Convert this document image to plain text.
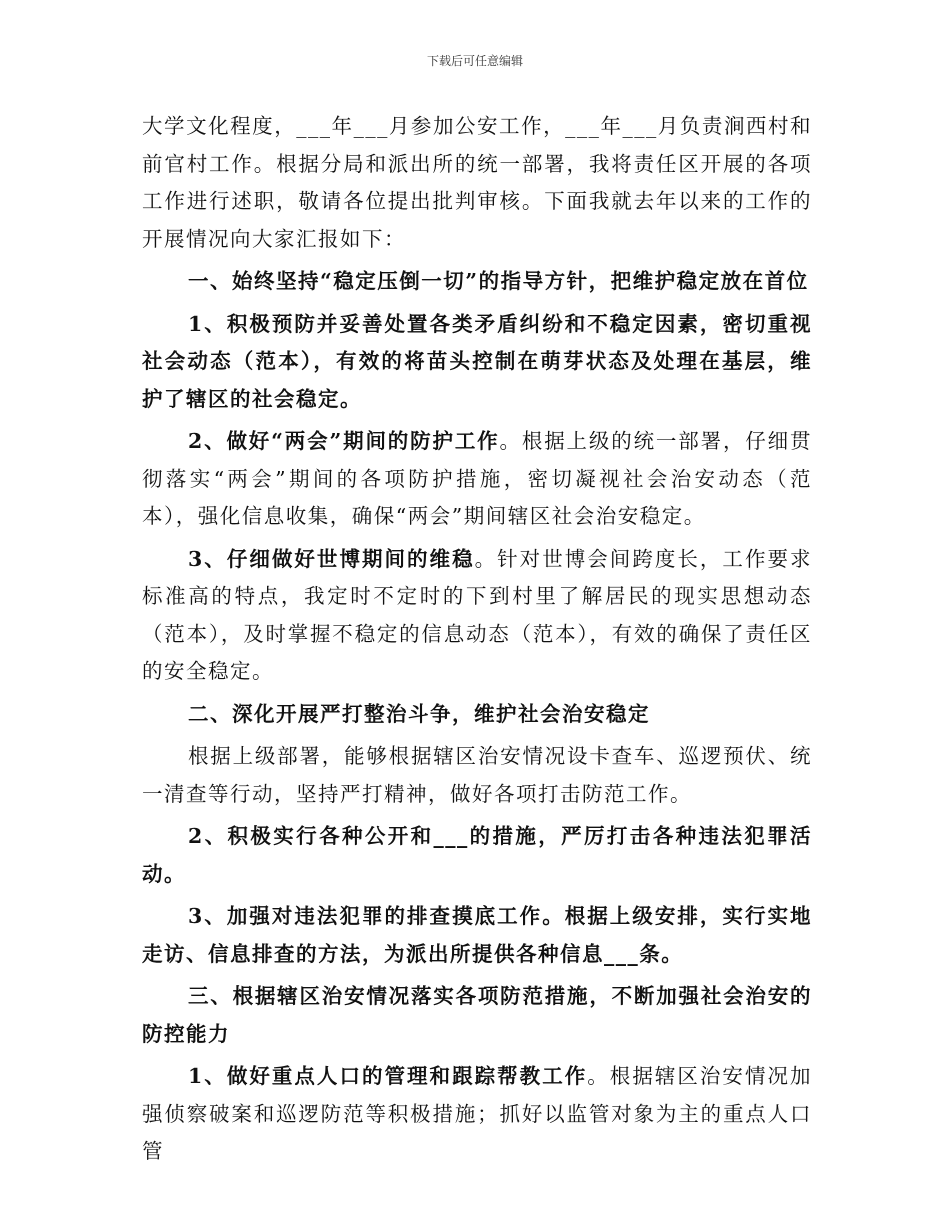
下载后可任意编辑

大学文化程度，___年___月参加公安工作，___年___月负责涧西村和前官村工作。根据分局和派出所的统一部署，我将责任区开展的各项工作进行述职，敬请各位提出批判审核。下面我就去年以来的工作的开展情况向大家汇报如下：

一、始终坚持“稳定压倒一切”的指导方针，把维护稳定放在首位

1、积极预防并妥善处置各类矛盾纠纷和不稳定因素，密切重视社会动态（范本），有效的将苗头控制在萌芽状态及处理在基层，维护了辖区的社会稳定。

2、做好“两会”期间的防护工作。根据上级的统一部署，仔细贯彻落实“两会”期间的各项防护措施，密切凝视社会治安动态（范本），强化信息收集，确保“两会”期间辖区社会治安稳定。

3、仔细做好世博期间的维稳。针对世博会间跨度长，工作要求标准高的特点，我定时不定时的下到村里了解居民的现实思想动态（范本），及时掌握不稳定的信息动态（范本），有效的确保了责任区的安全稳定。

二、深化开展严打整治斗争，维护社会治安稳定

根据上级部署，能够根据辖区治安情况设卡查车、巡逻预伏、统一清查等行动，坚持严打精神，做好各项打击防范工作。

2、积极实行各种公开和___的措施，严厉打击各种违法犯罪活动。

3、加强对违法犯罪的排查摸底工作。根据上级安排，实行实地走访、信息排查的方法，为派出所提供各种信息___条。

三、根据辖区治安情况落实各项防范措施，不断加强社会治安的防控能力

1、做好重点人口的管理和跟踪帮教工作。根据辖区治安情况加强侦察破案和巡逻防范等积极措施；抓好以监管对象为主的重点人口管
